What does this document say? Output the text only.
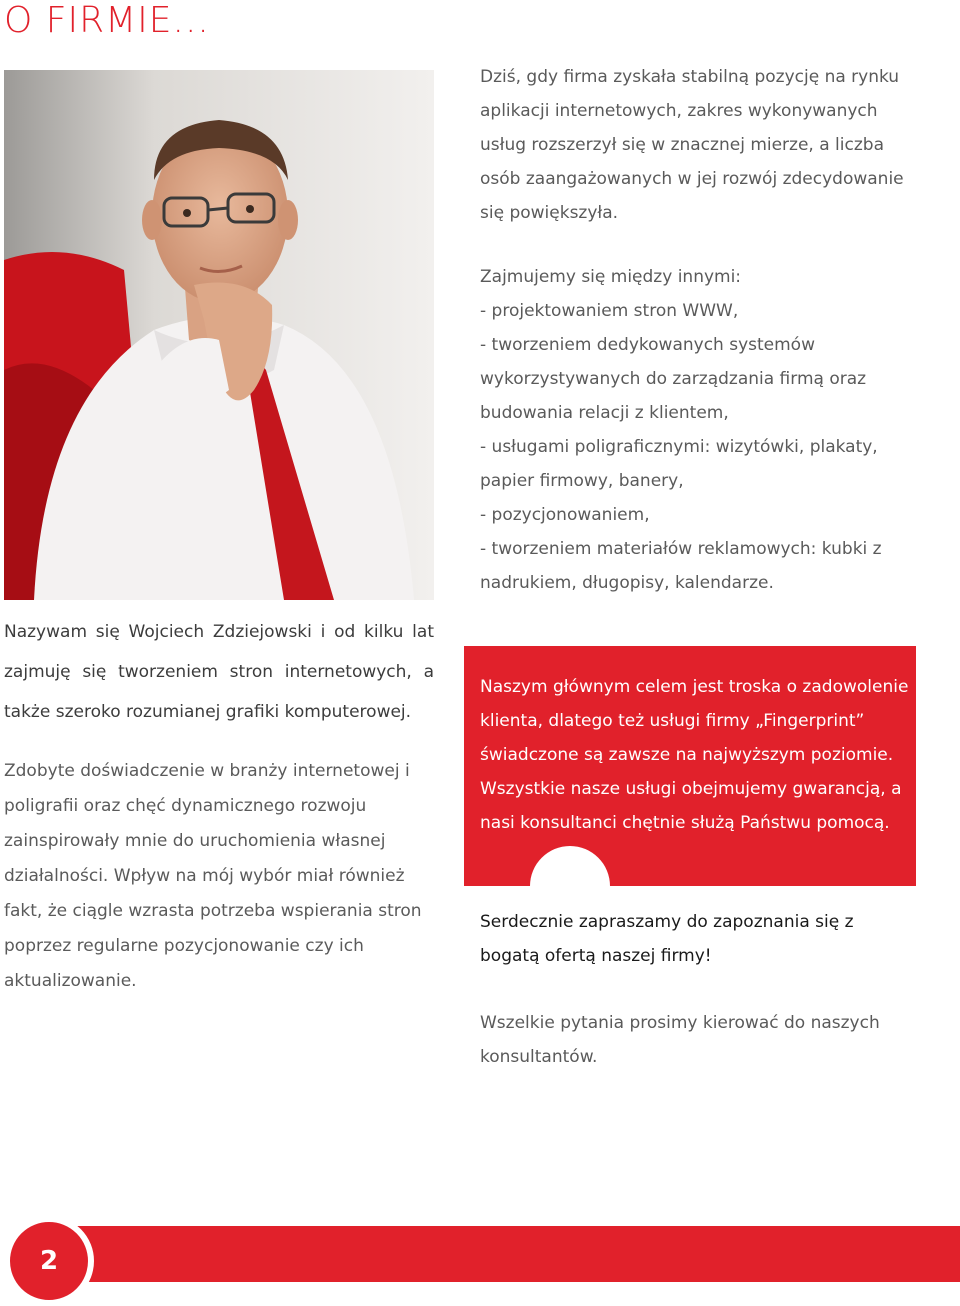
O FIRMIE...

Nazywam się Wojciech Zdziejowski i od kilku lat zajmuję się tworzeniem stron internetowych, a także szeroko rozumianej grafiki komputerowej.

Zdobyte doświadczenie w branży internetowej i poligrafii oraz chęć dynamicznego rozwoju zainspirowały mnie do uruchomienia własnej działalności. Wpływ na mój wybór miał również fakt, że ciągle wzrasta potrzeba wspierania stron poprzez regularne pozycjonowanie czy ich aktualizowanie.

Dziś, gdy firma zyskała stabilną pozycję na rynku aplikacji internetowych, zakres wykonywanych usług rozszerzył się w znacznej mierze, a liczba osób zaangażowanych w jej rozwój zdecydowanie się powiększyła.

Zajmujemy się między innymi:

- projektowaniem stron WWW,
- tworzeniem dedykowanych systemów wykorzystywanych do zarządzania firmą oraz budowania relacji z klientem,
- usługami poligraficznymi: wizytówki, plakaty, papier firmowy, banery,
- pozycjonowaniem,
- tworzeniem materiałów reklamowych: kubki z nadrukiem, długopisy, kalendarze.

Naszym głównym celem jest troska o zadowolenie klienta, dlatego też usługi firmy „Fingerprint” świadczone są zawsze na najwyższym poziomie. Wszystkie nasze usługi obejmujemy gwarancją, a nasi konsultanci chętnie służą Państwu pomocą.

Serdecznie zapraszamy do zapoznania się z bogatą ofertą naszej firmy!

Wszelkie pytania prosimy kierować do naszych konsultantów.

2
